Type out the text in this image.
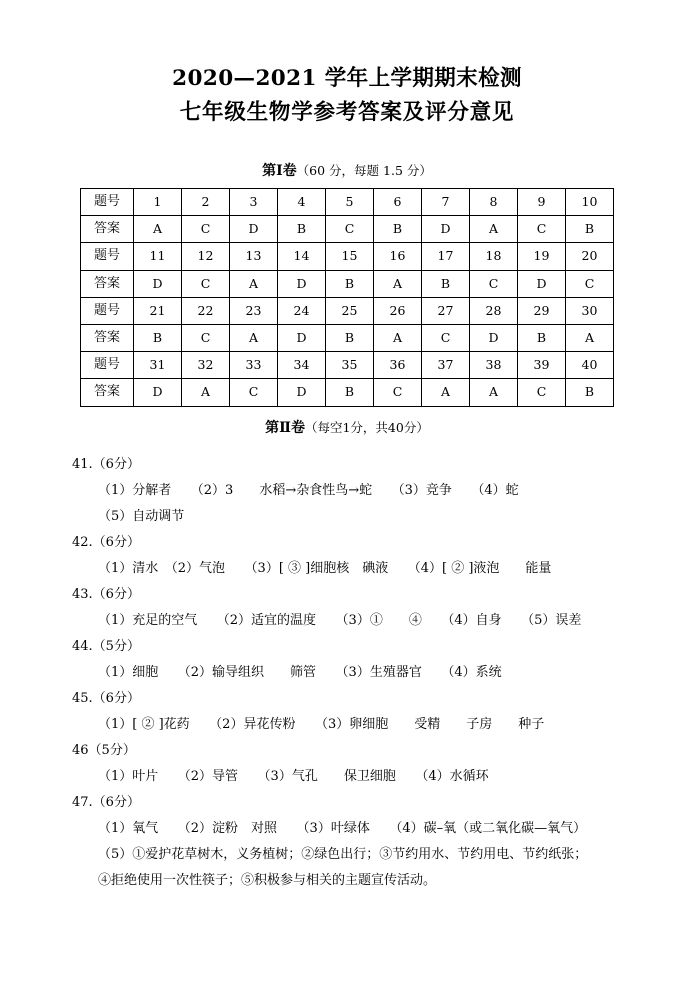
2020—2021 学年上学期期末检测
七年级生物学参考答案及评分意见
第Ⅰ卷（60 分，每题 1.5 分）
题号	1	2	3	4	5	6	7	8	9	10
答案	A	C	D	B	C	B	D	A	C	B
题号	11	12	13	14	15	16	17	18	19	20
答案	D	C	A	D	B	A	B	C	D	C
题号	21	22	23	24	25	26	27	28	29	30
答案	B	C	A	D	B	A	C	D	B	A
题号	31	32	33	34	35	36	37	38	39	40
答案	D	A	C	D	B	C	A	A	C	B
第Ⅱ卷（每空1分，共40分）
41.（6分）
（1）分解者　　（2）3　　水稻→杂食性鸟→蛇　　（3）竞争　　（4）蛇
（5）自动调节
42.（6分）
（1）清水　（2）气泡　　（3）[ ③ ]细胞核　碘液　　（4）[ ② ]液泡　　能量
43.（6分）
（1）充足的空气　　（2）适宜的温度　　（3）①　　④　　（4）自身　　（5）误差
44.（5分）
（1）细胞　　（2）输导组织　　筛管　　（3）生殖器官　　（4）系统
45.（6分）
（1）[ ② ]花药　　（2）异花传粉　　（3）卵细胞　　受精　　子房　　种子
46（5分）
（1）叶片　　（2）导管　　（3）气孔　　保卫细胞　　（4）水循环
47.（6分）
（1）氧气　　（2）淀粉　对照　　（3）叶绿体　　（4）碳–氧（或二氧化碳—氧气）
（5）①爱护花草树木，义务植树；②绿色出行；③节约用水、节约用电、节约纸张；
④拒绝使用一次性筷子；⑤积极参与相关的主题宣传活动。
